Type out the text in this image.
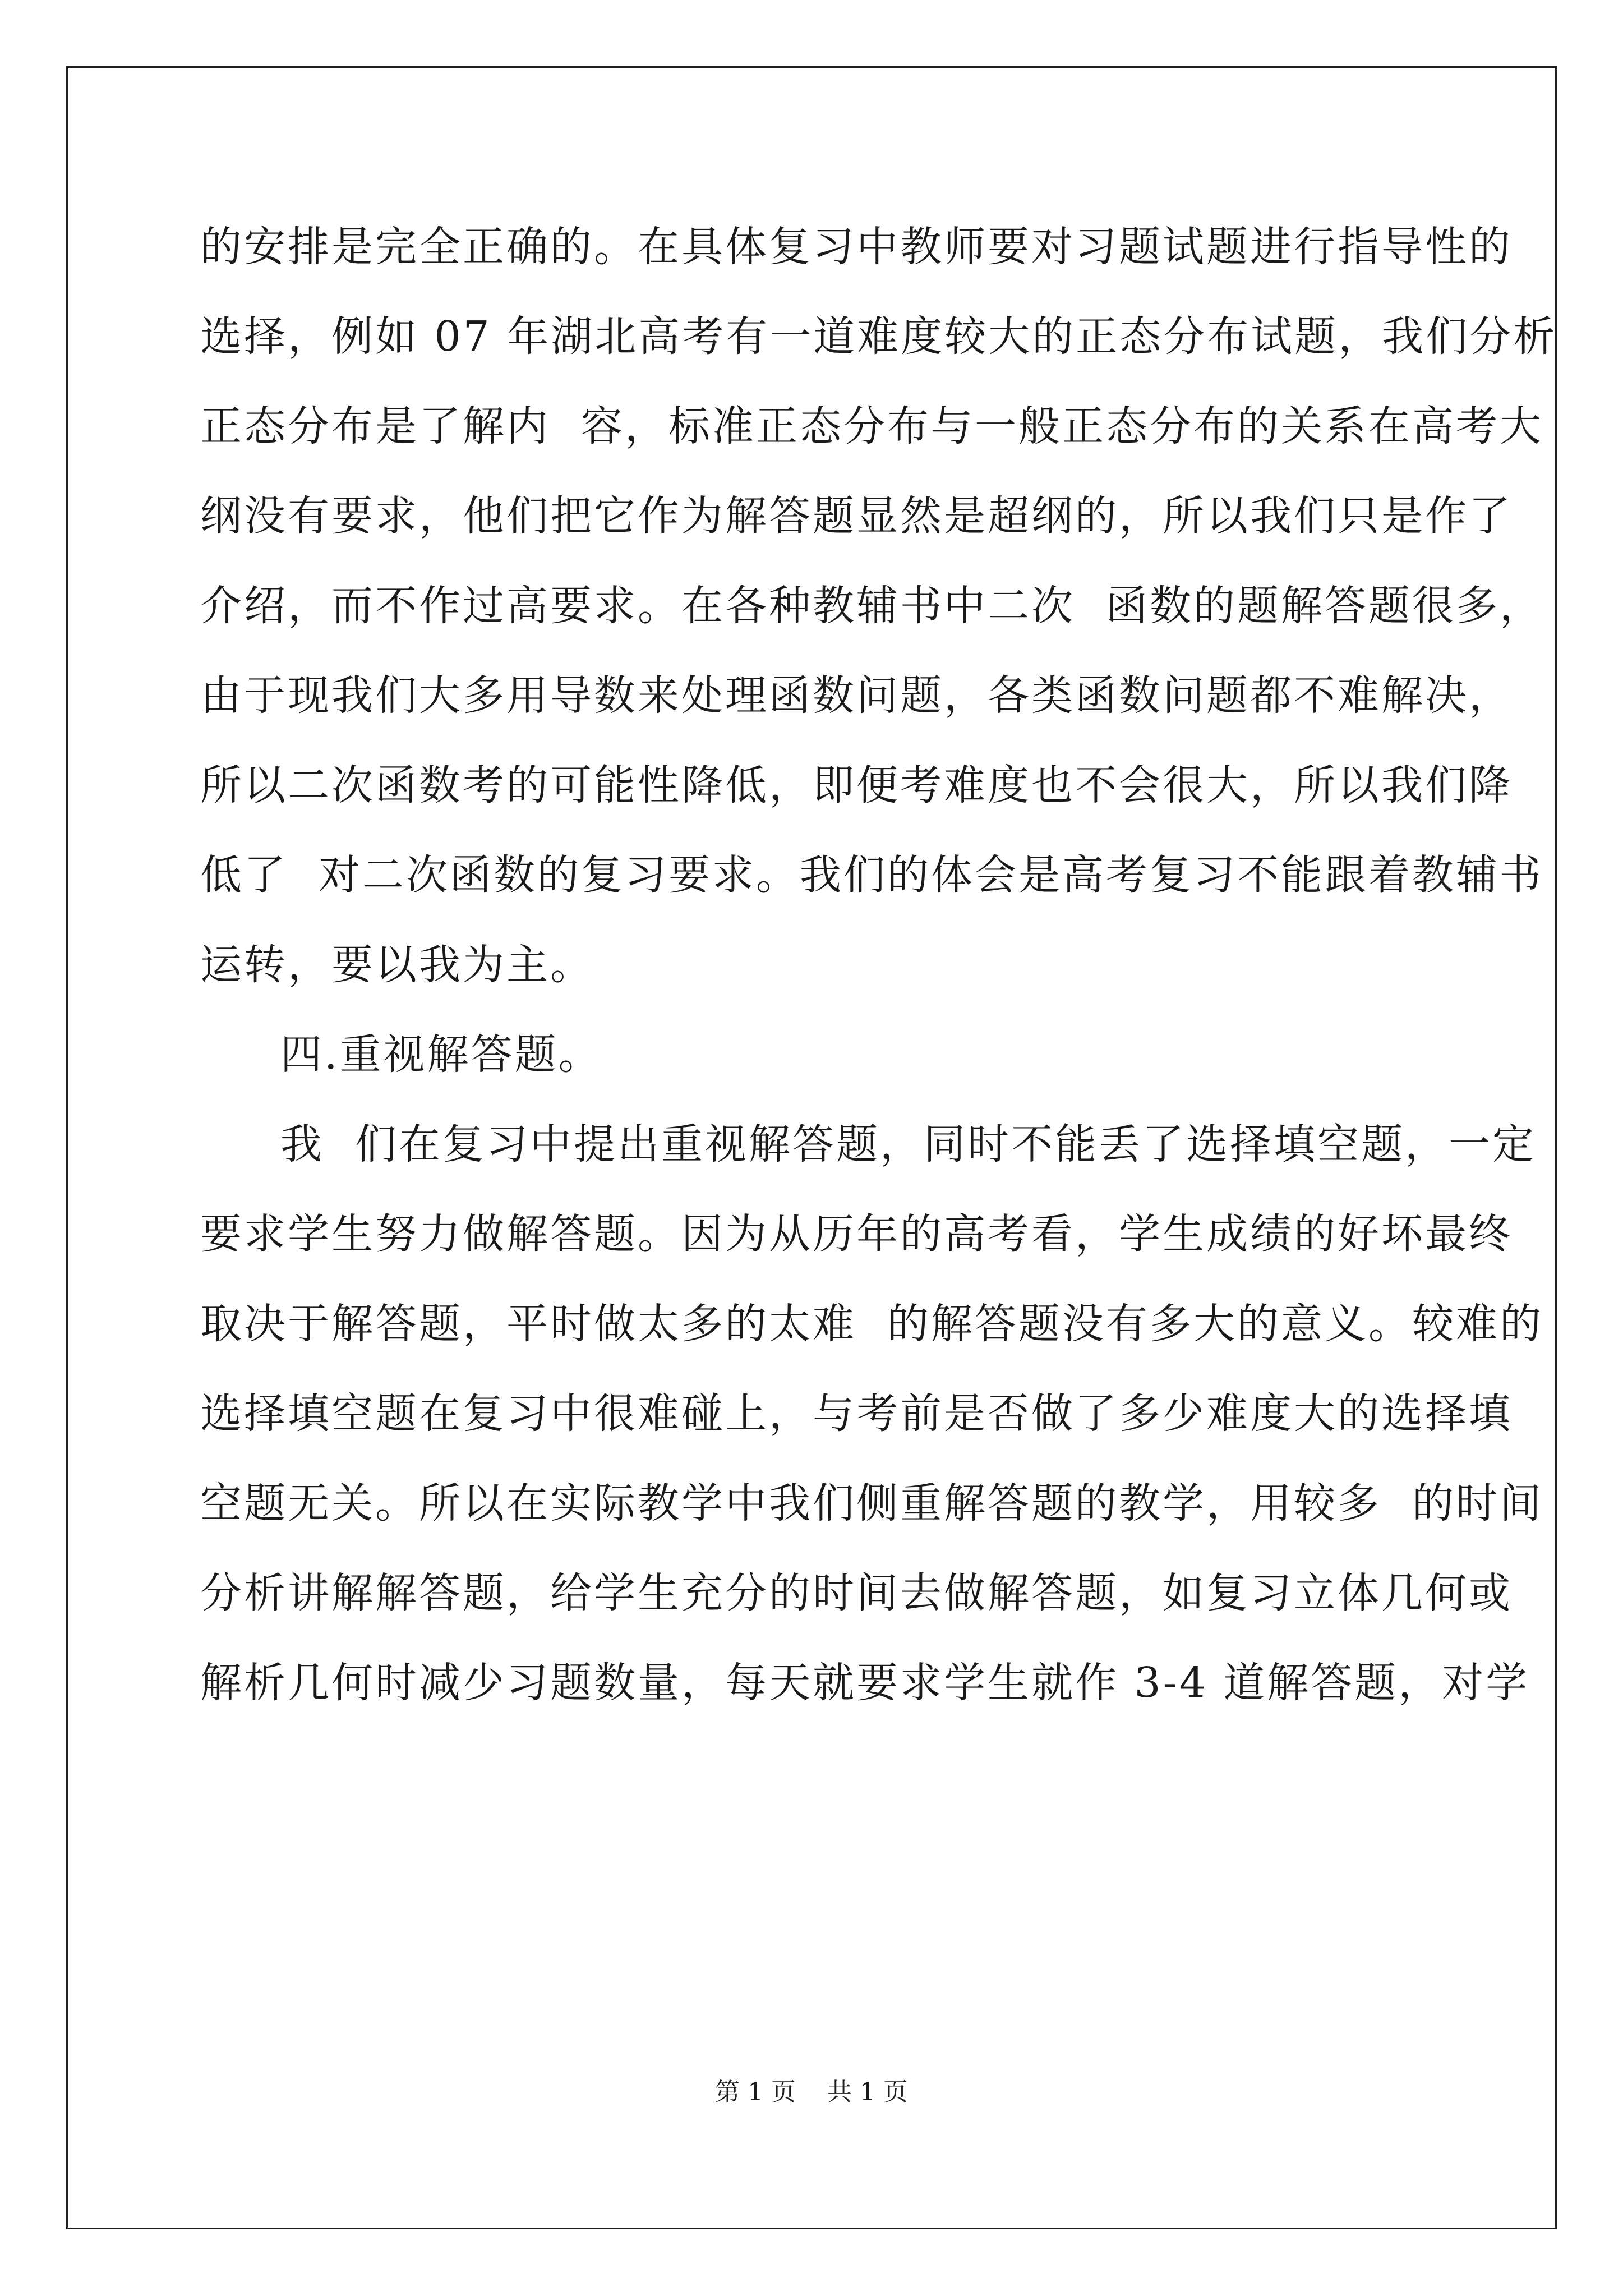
的安排是完全正确的。在具体复习中教师要对习题试题进行指导性的
选择，例如 07 年湖北高考有一道难度较大的正态分布试题，我们分析
正态分布是了解内  容，标准正态分布与一般正态分布的关系在高考大
纲没有要求，他们把它作为解答题显然是超纲的，所以我们只是作了
介绍，而不作过高要求。在各种教辅书中二次  函数的题解答题很多，
由于现我们大多用导数来处理函数问题，各类函数问题都不难解决，
所以二次函数考的可能性降低，即便考难度也不会很大，所以我们降
低了  对二次函数的复习要求。我们的体会是高考复习不能跟着教辅书
运转，要以我为主。
四.重视解答题。
我  们在复习中提出重视解答题，同时不能丢了选择填空题，一定
要求学生努力做解答题。因为从历年的高考看，学生成绩的好坏最终
取决于解答题，平时做太多的太难  的解答题没有多大的意义。较难的
选择填空题在复习中很难碰上，与考前是否做了多少难度大的选择填
空题无关。所以在实际教学中我们侧重解答题的教学，用较多  的时间
分析讲解解答题，给学生充分的时间去做解答题，如复习立体几何或
解析几何时减少习题数量，每天就要求学生就作 3-4 道解答题，对学
第 1 页    共 1 页
